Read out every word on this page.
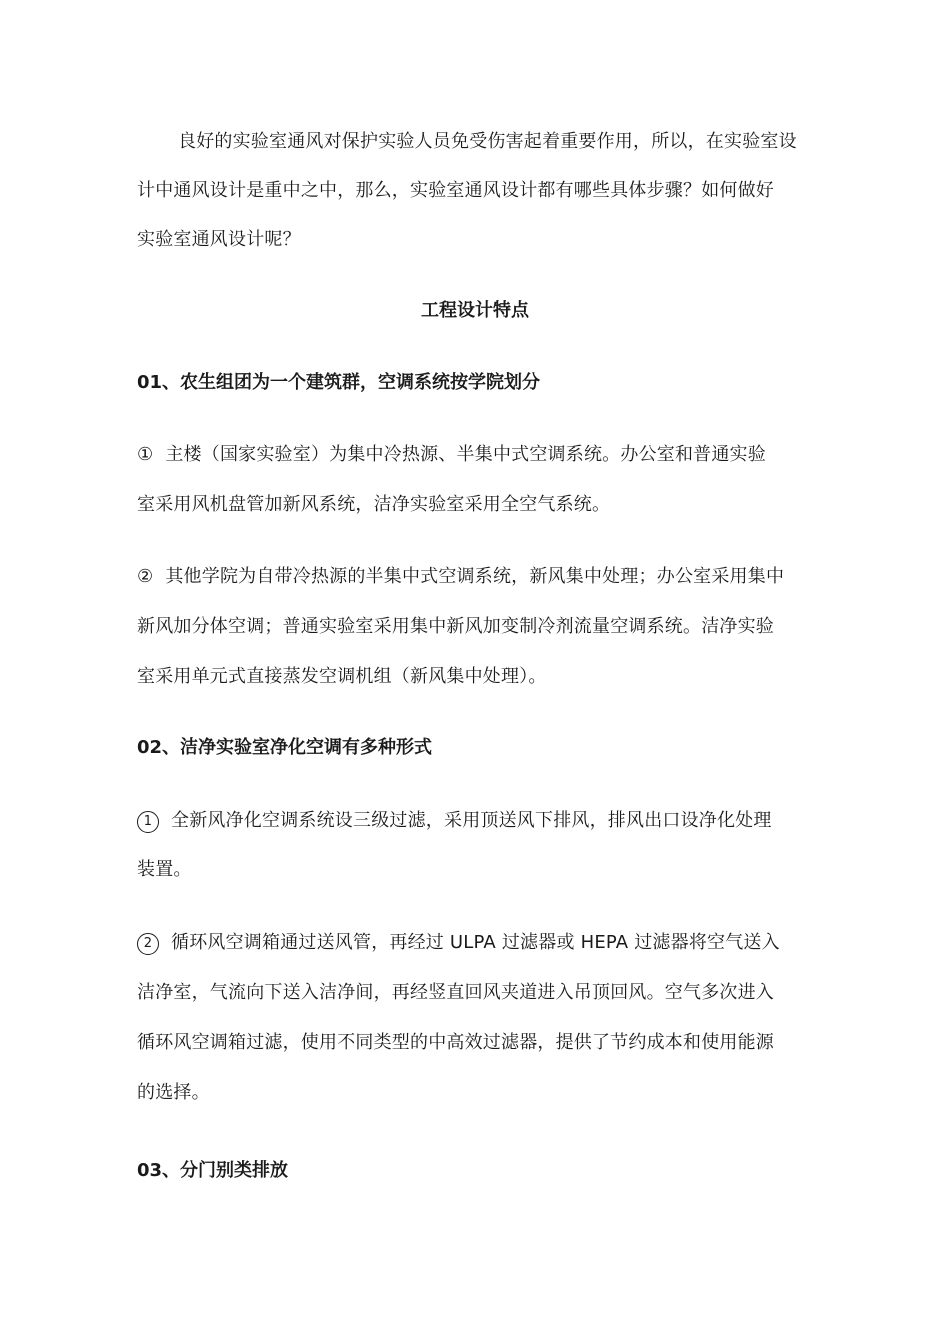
良好的实验室通风对保护实验人员免受伤害起着重要作用，所以，在实验室设
计中通风设计是重中之中，那么，实验室通风设计都有哪些具体步骤？如何做好
实验室通风设计呢？
工程设计特点
01、农生组团为一个建筑群，空调系统按学院划分
① 主楼（国家实验室）为集中冷热源、半集中式空调系统。办公室和普通实验
室采用风机盘管加新风系统，洁净实验室采用全空气系统。
② 其他学院为自带冷热源的半集中式空调系统，新风集中处理；办公室采用集中
新风加分体空调；普通实验室采用集中新风加变制冷剂流量空调系统。洁净实验
室采用单元式直接蒸发空调机组（新风集中处理）。
02、洁净实验室净化空调有多种形式
1 全新风净化空调系统设三级过滤，采用顶送风下排风，排风出口设净化处理
装置。
2 循环风空调箱通过送风管，再经过 ULPA 过滤器或 HEPA 过滤器将空气送入
洁净室，气流向下送入洁净间，再经竖直回风夹道进入吊顶回风。空气多次进入
循环风空调箱过滤，使用不同类型的中高效过滤器，提供了节约成本和使用能源
的选择。
03、分门别类排放
